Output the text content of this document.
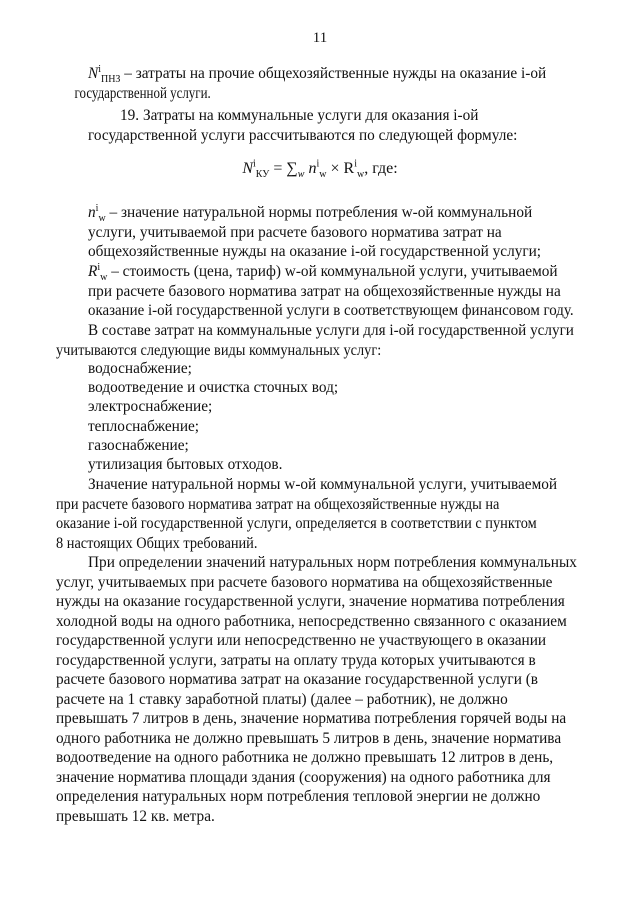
11
$N^i_{ПНЗ}$ – затраты на прочие общехозяйственные нужды на оказание i-ой
государственной услуги.
19. Затраты на коммунальные услуги для оказания i-ой
государственной услуги рассчитываются по следующей формуле:
$N^i_{КУ} = \sum_w$ $n^i_w \times R^i_w$, где:
$n^i_w$ – значение натуральной нормы потребления w-ой коммунальной
услуги, учитываемой при расчете базового норматива затрат на
общехозяйственные нужды на оказание i-ой государственной услуги;
$R^i_w$ – стоимость (цена, тариф) w-ой коммунальной услуги, учитываемой
при расчете базового норматива затрат на общехозяйственные нужды на
оказание i-ой государственной услуги в соответствующем финансовом году.
В составе затрат на коммунальные услуги для i-ой государственной услуги
учитываются следующие виды коммунальных услуг:
водоснабжение;
водоотведение и очистка сточных вод;
электроснабжение;
теплоснабжение;
газоснабжение;
утилизация бытовых отходов.
Значение натуральной нормы w-ой коммунальной услуги, учитываемой
при расчете базового норматива затрат на общехозяйственные нужды на
оказание i-ой государственной услуги, определяется в соответствии с пунктом
8 настоящих Общих требований.
При определении значений натуральных норм потребления коммунальных
услуг, учитываемых при расчете базового норматива на общехозяйственные
нужды на оказание государственной услуги, значение норматива потребления
холодной воды на одного работника, непосредственно связанного с оказанием
государственной услуги или непосредственно не участвующего в оказании
государственной услуги, затраты на оплату труда которых учитываются в
расчете базового норматива затрат на оказание государственной услуги (в
расчете на 1 ставку заработной платы) (далее – работник), не должно
превышать 7 литров в день, значение норматива потребления горячей воды на
одного работника не должно превышать 5 литров в день, значение норматива
водоотведение на одного работника не должно превышать 12 литров в день,
значение норматива площади здания (сооружения) на одного работника для
определения натуральных норм потребления тепловой энергии не должно
превышать 12 кв. метра.
